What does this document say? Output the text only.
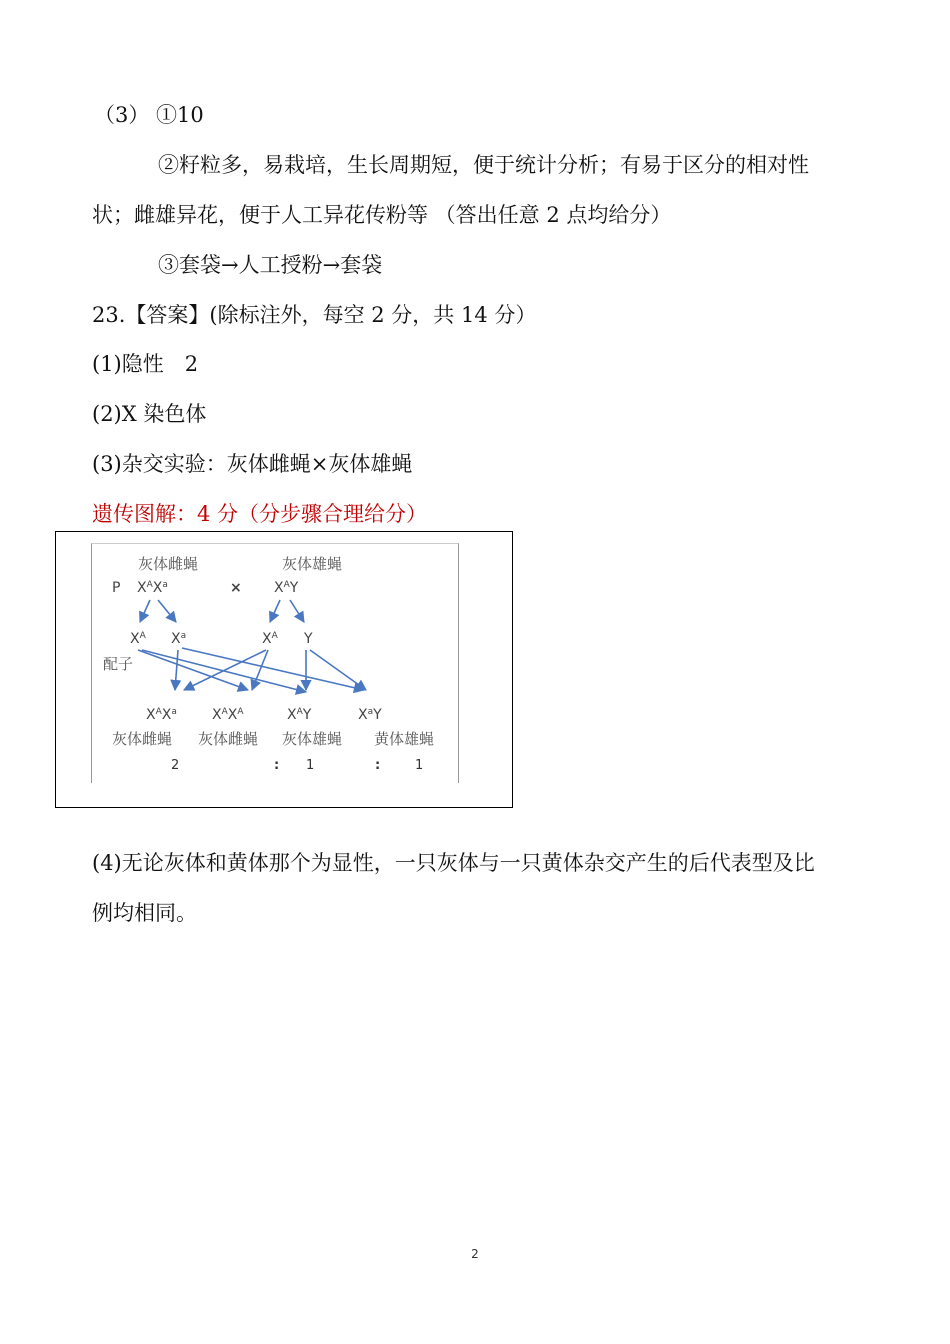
（3） ①10
②籽粒多，易栽培，生长周期短，便于统计分析；有易于区分的相对性
状；雌雄异花，便于人工异花传粉等 （答出任意 2 点均给分）
③套袋→人工授粉→套袋
23.【答案】(除标注外，每空 2 分，共 14 分）
(1)隐性　2
(2)X 染色体
(3)杂交实验：灰体雌蝇×灰体雄蝇
遗传图解：4 分（分步骤合理给分）
灰体雌蝇	灰体雄蝇
P $X^AX^a$	× $X^AY$
$X^A$ $X^a$	$X^A$ Y
配子
$X^AX^a$	$X^AX^A$	$X^AY$	$X^aY$
灰体雌蝇 灰体雌蝇 灰体雄蝇 黄体雄蝇
2	: 1	:	1
(4)无论灰体和黄体那个为显性，一只灰体与一只黄体杂交产生的后代表型及比
例均相同。
2
